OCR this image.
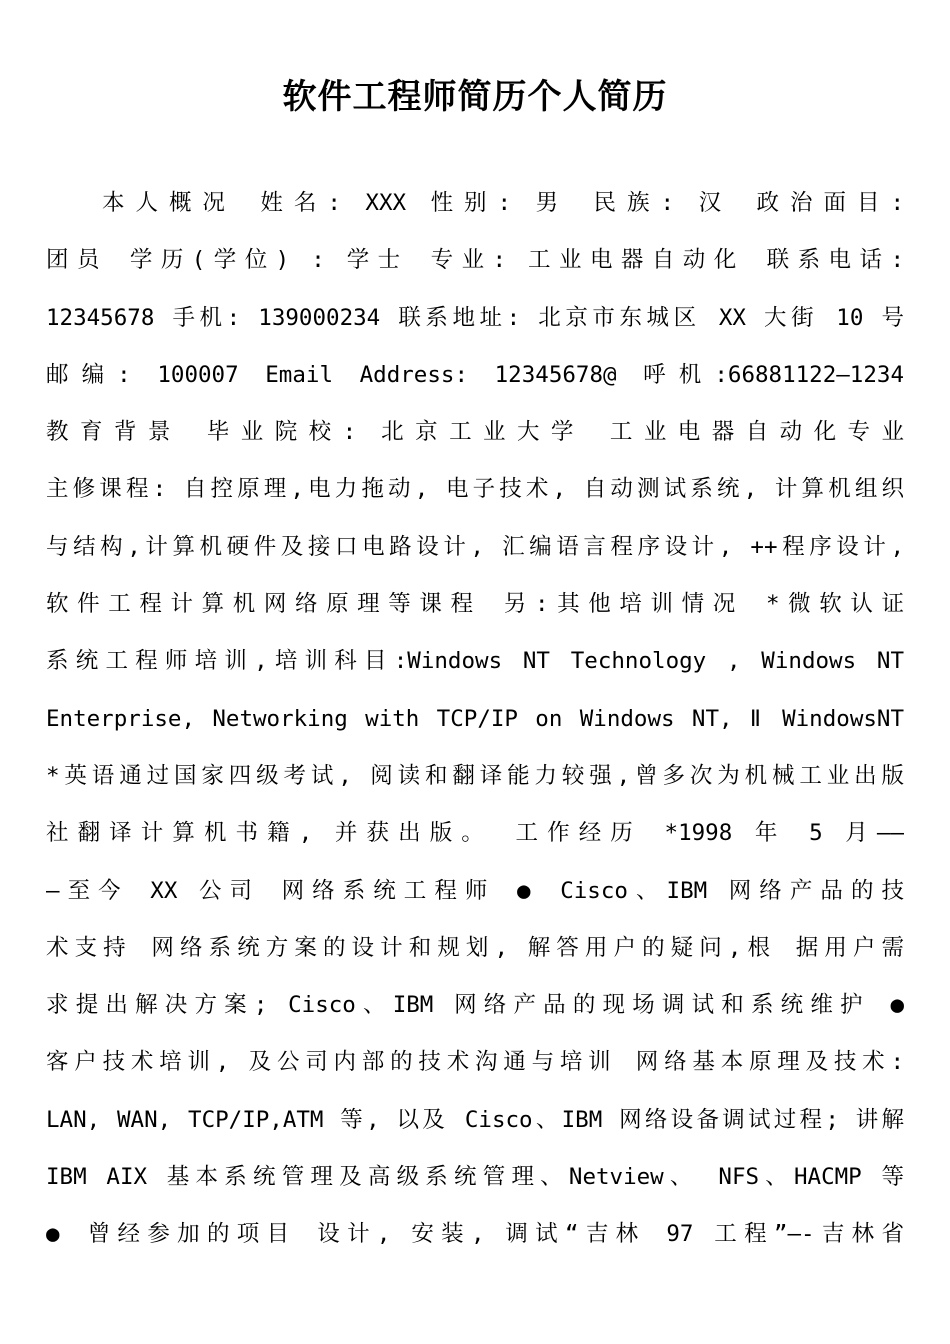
软件工程师简历个人简历
本人概况 姓名: XXX 性别: 男 民族: 汉 政治面目:
团员 学历(学位) : 学士 专业: 工业电器自动化 联系电话:
12345678 手机: 139000234 联系地址: 北京市东城区 XX 大街 10 号
邮编: 100007 Email Address: 12345678@ 呼机:66881122—1234
教育背景 毕业院校: 北京工业大学 工业电器自动化专业
主修课程: 自控原理,电力拖动, 电子技术, 自动测试系统, 计算机组织
与结构,计算机硬件及接口电路设计, 汇编语言程序设计, ++程序设计,
软件工程计算机网络原理等课程 另:其他培训情况 *微软认证
系统工程师培训,培训科目:Windows NT Technology , Windows NT
Enterprise, Networking with TCP/IP on Windows NT, Ⅱ WindowsNT
*英语通过国家四级考试, 阅读和翻译能力较强,曾多次为机械工业出版
社翻译计算机书籍, 并获出版。 工作经历 *1998 年 5 月——
—至今 XX 公司 网络系统工程师 ● Cisco、IBM 网络产品的技
术支持 网络系统方案的设计和规划, 解答用户的疑问,根 据用户需
求提出解决方案; Cisco、IBM 网络产品的现场调试和系统维护 ●
客户技术培训, 及公司内部的技术沟通与培训 网络基本原理及技术:
LAN, WAN, TCP/IP,ATM 等, 以及 Cisco、IBM 网络设备调试过程; 讲解
IBM AIX 基本系统管理及高级系统管理、Netview、 NFS、HACMP 等
● 曾经参加的项目 设计, 安装, 调试“吉林 97 工程”—-吉林省
